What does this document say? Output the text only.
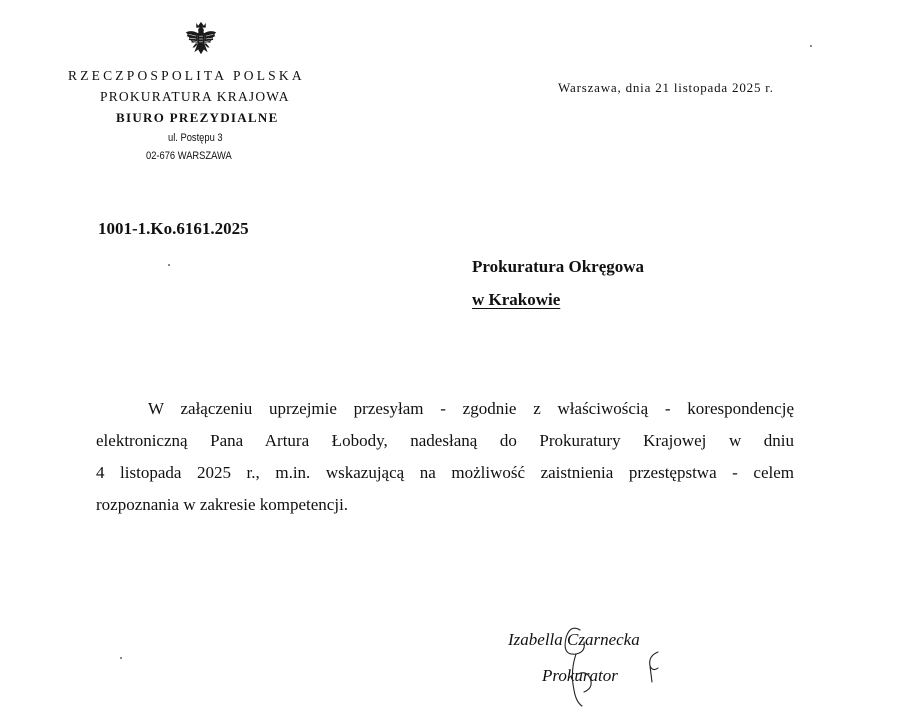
RZECZPOSPOLITA POLSKA
PROKURATURA KRAJOWA
BIURO PREZYDIALNE
ul. Postępu 3
02-676 WARSZAWA
Warszawa, dnia 21 listopada 2025 r.
1001-1.Ko.6161.2025
Prokuratura Okręgowa
w Krakowie

W załączeniu uprzejmie przesyłam - zgodnie z właściwością - korespondencję
elektroniczną Pana Artura Łobody, nadesłaną do Prokuratury Krajowej w dniu
4 listopada 2025 r., m.in. wskazującą na możliwość zaistnienia przestępstwa - celem
rozpoznania w zakresie kompetencji.

Izabella Czarnecka
Prokurator
